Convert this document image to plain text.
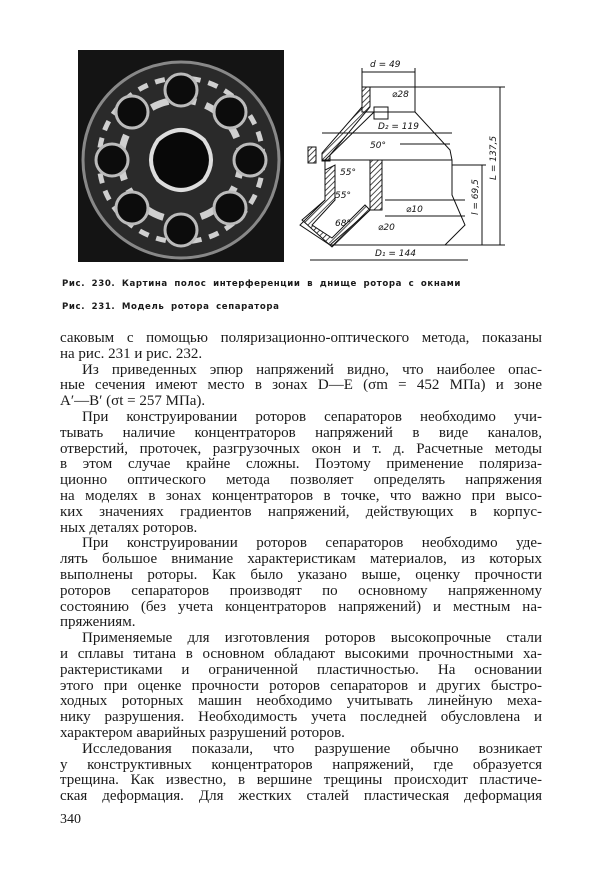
d = 49
⌀28
D₂ = 119
50°
55°
55°
68°
⌀10
⌀20
D₁ = 144
l = 69,5
L = 137,5
Рис. 230. Картина полос интерференции в днище ротора с окнами
Рис. 231. Модель ротора сепаратора
саковым с помощью поляризационно-оптического метода, показаны
на рис. 231 и рис. 232.
Из приведенных эпюр напряжений видно, что наиболее опас-
ные сечения имеют место в зонах D—E (σm = 452 МПа) и зоне
A′—B′ (σt = 257 МПа).
При конструировании роторов сепараторов необходимо учи-
тывать наличие концентраторов напряжений в виде каналов,
отверстий, проточек, разгрузочных окон и т. д. Расчетные методы
в этом случае крайне сложны. Поэтому применение поляриза-
ционно оптического метода позволяет определять напряжения
на моделях в зонах концентраторов в точке, что важно при высо-
ких значениях градиентов напряжений, действующих в корпус-
ных деталях роторов.
При конструировании роторов сепараторов необходимо уде-
лять большое внимание характеристикам материалов, из которых
выполнены роторы. Как было указано выше, оценку прочности
роторов сепараторов производят по основному напряженному
состоянию (без учета концентраторов напряжений) и местным на-
пряжениям.
Применяемые для изготовления роторов высокопрочные стали
и сплавы титана в основном обладают высокими прочностными ха-
рактеристиками и ограниченной пластичностью. На основании
этого при оценке прочности роторов сепараторов и других быстро-
ходных роторных машин необходимо учитывать линейную меха-
нику разрушения. Необходимость учета последней обусловлена и
характером аварийных разрушений роторов.
Исследования показали, что разрушение обычно возникает
у конструктивных концентраторов напряжений, где образуется
трещина. Как известно, в вершине трещины происходит пластиче-
ская деформация. Для жестких сталей пластическая деформация
340
